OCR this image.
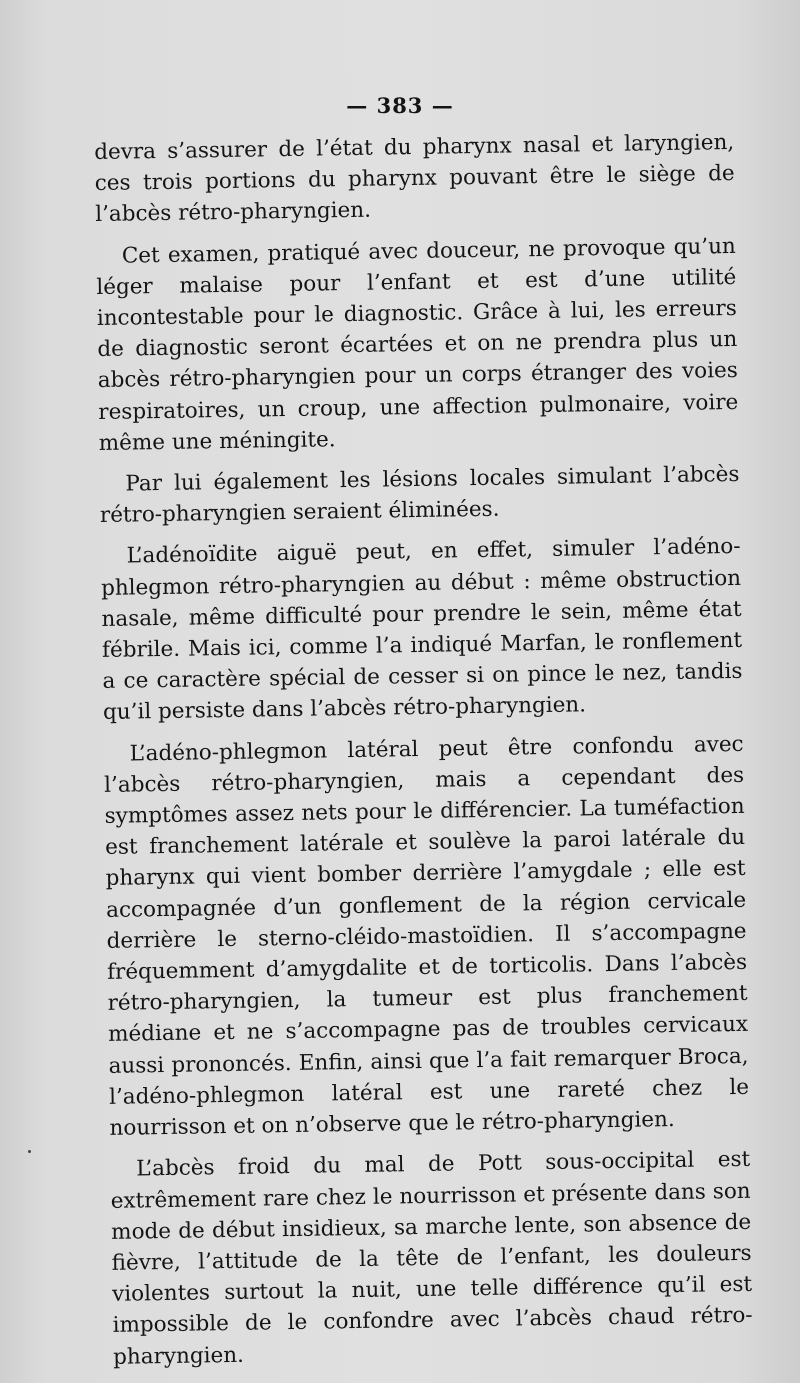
— 383 —

devra s’assurer de l’état du pharynx nasal et laryngien, ces trois portions du pharynx pouvant être le siège de l’abcès rétro-pharyngien.

Cet examen, pratiqué avec douceur, ne provoque qu’un léger malaise pour l’enfant et est d’une utilité incontestable pour le diagnostic. Grâce à lui, les erreurs de diagnostic seront écartées et on ne prendra plus un abcès rétro-pharyngien pour un corps étranger des voies respiratoires, un croup, une affection pulmonaire, voire même une méningite.

Par lui également les lésions locales simulant l’abcès rétro-pharyngien seraient éliminées.

L’adénoïdite aiguë peut, en effet, simuler l’adéno-phlegmon rétro-pharyngien au début : même obstruction nasale, même difficulté pour prendre le sein, même état fébrile. Mais ici, comme l’a indiqué Marfan, le ronflement a ce caractère spécial de cesser si on pince le nez, tandis qu’il persiste dans l’abcès rétro-pharyngien.

L’adéno-phlegmon latéral peut être confondu avec l’abcès rétro-pharyngien, mais a cependant des symptômes assez nets pour le différencier. La tuméfaction est franchement latérale et soulève la paroi latérale du pharynx qui vient bomber derrière l’amygdale ; elle est accompagnée d’un gonflement de la région cervicale derrière le sterno-cléido-mastoïdien. Il s’accompagne fréquemment d’amygdalite et de torticolis. Dans l’abcès rétro-pharyngien, la tumeur est plus franchement médiane et ne s’accompagne pas de troubles cervicaux aussi prononcés. Enfin, ainsi que l’a fait remarquer Broca, l’adéno-phlegmon latéral est une rareté chez le nourrisson et on n’observe que le rétro-pharyngien.

L’abcès froid du mal de Pott sous-occipital est extrêmement rare chez le nourrisson et présente dans son mode de début insidieux, sa marche lente, son absence de fièvre, l’attitude de la tête de l’enfant, les douleurs violentes surtout la nuit, une telle différence qu’il est impossible de le confondre avec l’abcès chaud rétro-pharyngien.
